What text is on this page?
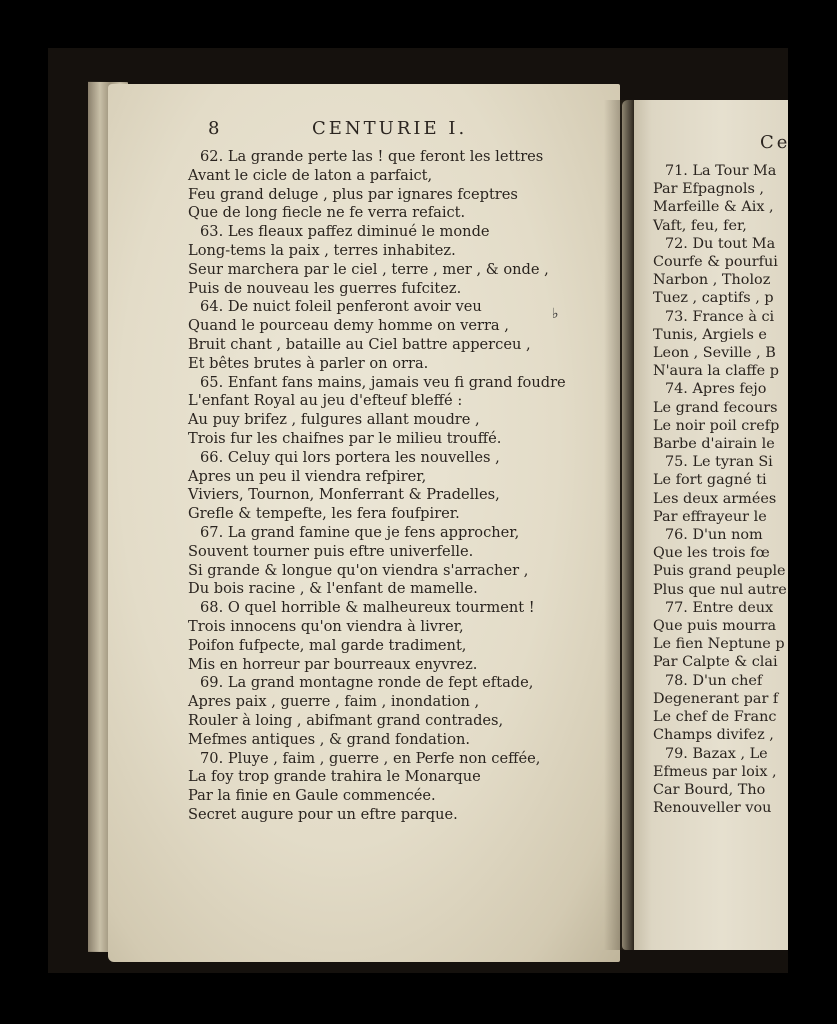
8	CENTURIE I.
Ce
62. La grande perte las ! que feront les lettres
Avant le cicle de laton a parfaict,
Feu grand deluge , plus par ignares fceptres
Que de long fiecle ne fe verra refaict.
63. Les fleaux paffez diminué le monde
Long-tems la paix , terres inhabitez.
Seur marchera par le ciel , terre , mer , & onde ,
Puis de nouveau les guerres fufcitez.
64. De nuict foleil penferont avoir veu
Quand le pourceau demy homme on verra ,
Bruit chant , bataille au Ciel battre apperceu ,
Et bêtes brutes à parler on orra.
65. Enfant fans mains, jamais veu fi grand foudre
L'enfant Royal au jeu d'efteuf bleffé :
Au puy brifez , fulgures allant moudre ,
Trois fur les chaifnes par le milieu trouffé.
66. Celuy qui lors portera les nouvelles ,
Apres un peu il viendra refpirer,
Viviers, Tournon, Monferrant & Pradelles,
Grefle & tempefte, les fera foufpirer.
67. La grand famine que je fens approcher,
Souvent tourner puis eftre univerfelle.
Si grande & longue qu'on viendra s'arracher ,
Du bois racine , & l'enfant de mamelle.
68. O quel horrible & malheureux tourment !
Trois innocens qu'on viendra à livrer,
Poifon fufpecte, mal garde tradiment,
Mis en horreur par bourreaux enyvrez.
69. La grand montagne ronde de fept eftade,
Apres paix , guerre , faim , inondation ,
Rouler à loing , abifmant grand contrades,
Mefmes antiques , & grand fondation.
70. Pluye , faim , guerre , en Perfe non ceffée,
La foy trop grande trahira le Monarque
Par la finie en Gaule commencée.
Secret augure pour un eftre parque.
71. La Tour Ma
Par Efpagnols ,
Marfeille & Aix ,
Vaft, feu, fer,
72. Du tout Ma
Courfe & pourfui
Narbon , Tholoz
Tuez , captifs , p
73. France à ci
Tunis, Argiels e
Leon , Seville , B
N'aura la claffe p
74. Apres fejo
Le grand fecours
Le noir poil crefp
Barbe d'airain le
75. Le tyran Si
Le fort gagné ti
Les deux armées
Par effrayeur le
76. D'un nom
Que les trois fœ
Puis grand peuple
Plus que nul autre
77. Entre deux
Que puis mourra
Le fien Neptune p
Par Calpte & clai
78. D'un chef
Degenerant par f
Le chef de Franc
Champs divifez ,
79. Bazax , Le
Efmeus par loix ,
Car Bourd, Tho
Renouveller vou
♭
